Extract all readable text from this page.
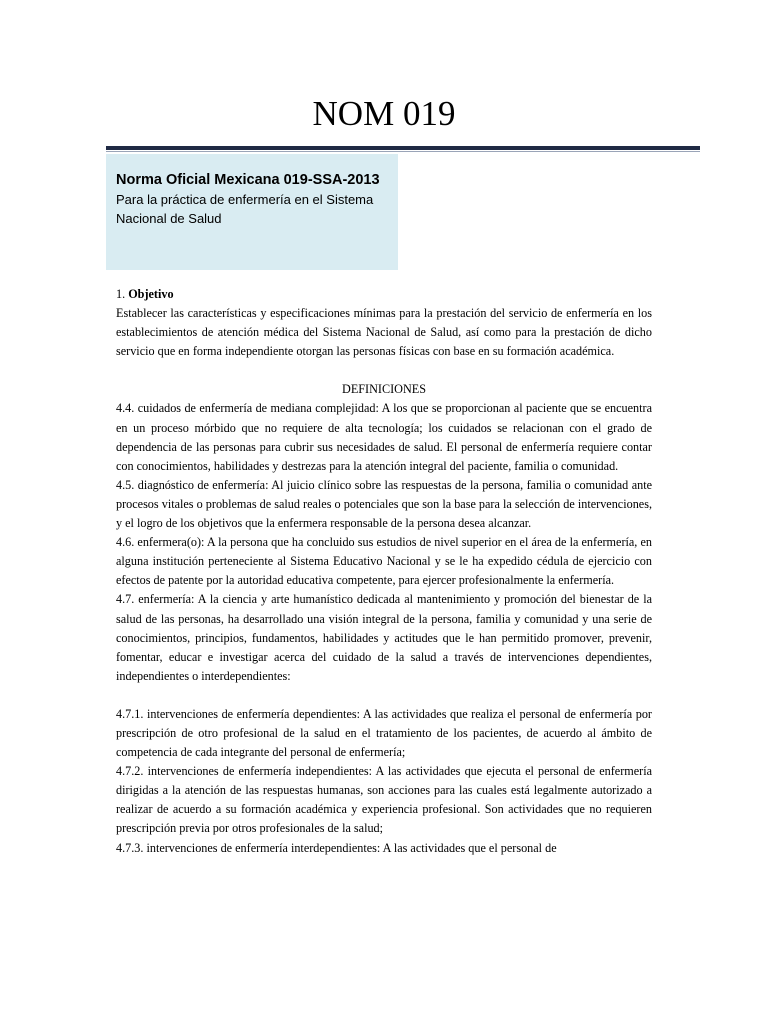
NOM 019
Norma Oficial Mexicana 019-SSA-2013
Para la práctica de enfermería en el Sistema Nacional de Salud

1. Objetivo

Establecer las características y especificaciones mínimas para la prestación del servicio de enfermería en los establecimientos de atención médica del Sistema Nacional de Salud, así como para la prestación de dicho servicio que en forma independiente otorgan las personas físicas con base en su formación académica.

DEFINICIONES

4.4. cuidados de enfermería de mediana complejidad: A los que se proporcionan al paciente que se encuentra en un proceso mórbido que no requiere de alta tecnología; los cuidados se relacionan con el grado de dependencia de las personas para cubrir sus necesidades de salud. El personal de enfermería requiere contar con conocimientos, habilidades y destrezas para la atención integral del paciente, familia o comunidad.

4.5. diagnóstico de enfermería: Al juicio clínico sobre las respuestas de la persona, familia o comunidad ante procesos vitales o problemas de salud reales o potenciales que son la base para la selección de intervenciones, y el logro de los objetivos que la enfermera responsable de la persona desea alcanzar.

4.6. enfermera(o): A la persona que ha concluido sus estudios de nivel superior en el área de la enfermería, en alguna institución perteneciente al Sistema Educativo Nacional y se le ha expedido cédula de ejercicio con efectos de patente por la autoridad educativa competente, para ejercer profesionalmente la enfermería.

4.7. enfermería: A la ciencia y arte humanístico dedicada al mantenimiento y promoción del bienestar de la salud de las personas, ha desarrollado una visión integral de la persona, familia y comunidad y una serie de conocimientos, principios, fundamentos, habilidades y actitudes que le han permitido promover, prevenir, fomentar, educar e investigar acerca del cuidado de la salud a través de intervenciones dependientes, independientes o interdependientes:

4.7.1. intervenciones de enfermería dependientes: A las actividades que realiza el personal de enfermería por prescripción de otro profesional de la salud en el tratamiento de los pacientes, de acuerdo al ámbito de competencia de cada integrante del personal de enfermería;

4.7.2. intervenciones de enfermería independientes: A las actividades que ejecuta el personal de enfermería dirigidas a la atención de las respuestas humanas, son acciones para las cuales está legalmente autorizado a realizar de acuerdo a su formación académica y experiencia profesional. Son actividades que no requieren prescripción previa por otros profesionales de la salud;

4.7.3. intervenciones de enfermería interdependientes: A las actividades que el personal de
